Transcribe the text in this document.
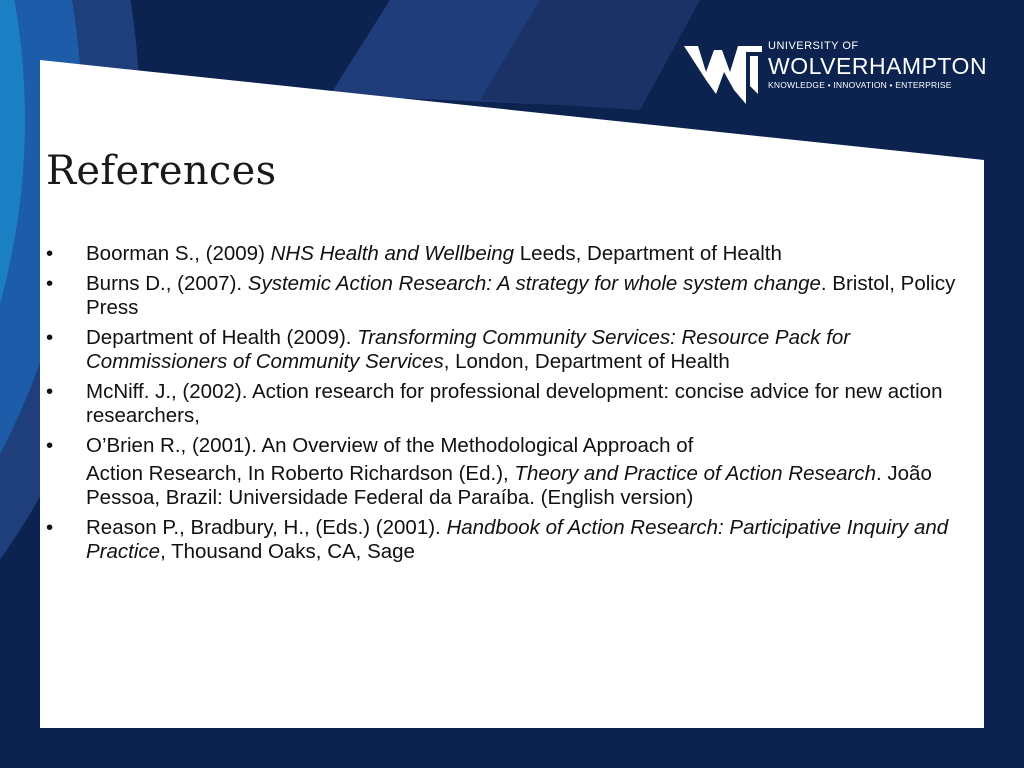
UNIVERSITY OF
WOLVERHAMPTON
KNOWLEDGE • INNOVATION • ENTERPRISE
References
• Boorman S., (2009) NHS Health and Wellbeing Leeds, Department of Health
• Burns D., (2007). Systemic Action Research: A strategy for whole system change. Bristol, Policy Press
• Department of Health (2009). Transforming Community Services: Resource Pack for Commissioners of Community Services, London, Department of Health
• McNiff. J., (2002). Action research for professional development: concise advice for new action researchers,
• O’Brien R., (2001). An Overview of the Methodological Approach of
Action Research, In Roberto Richardson (Ed.), Theory and Practice of Action Research. João Pessoa, Brazil: Universidade Federal da Paraíba. (English version)
• Reason P., Bradbury, H., (Eds.) (2001). Handbook of Action Research: Participative Inquiry and Practice, Thousand Oaks, CA, Sage
